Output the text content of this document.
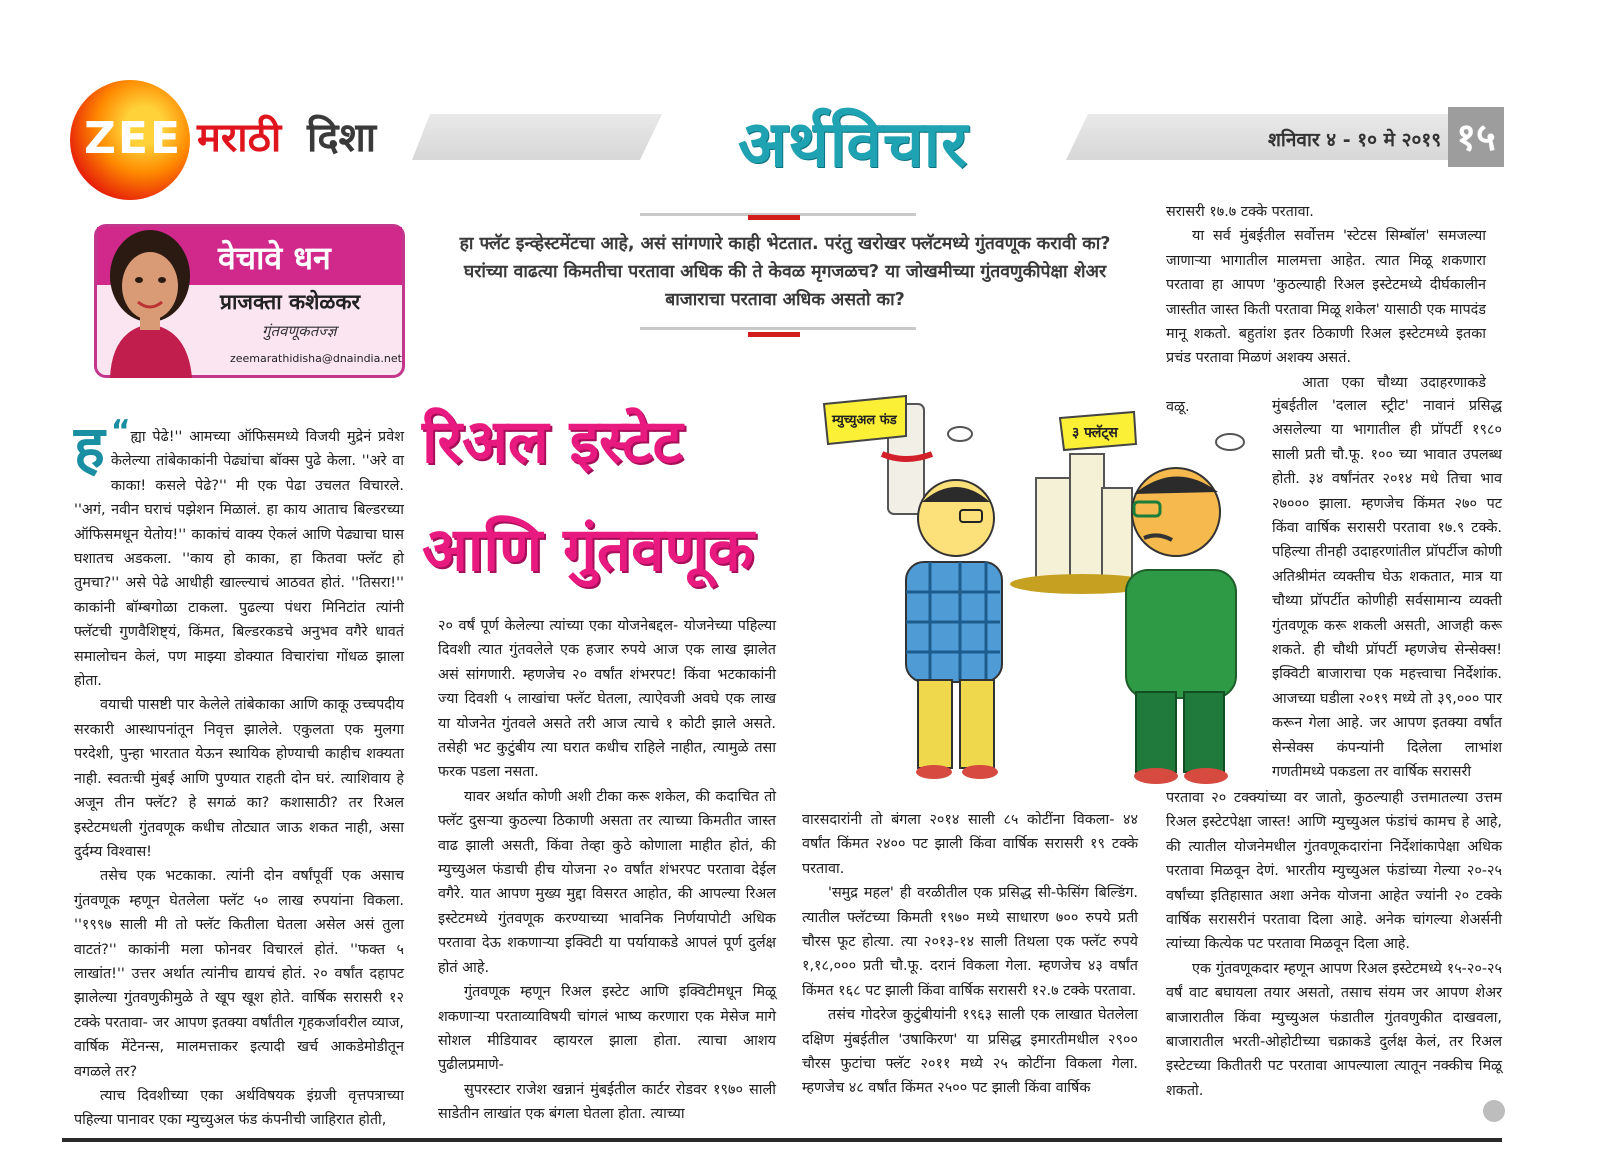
ZEE मराठी दिशा	अर्थविचार	शनिवार ४ - १० मे २०१९ १५
वेचावे धन
प्राजक्ता कशेळकर
गुंतवणूकतज्ज्ञ
zeemarathidisha@dnaindia.net
हा फ्लॅट इन्व्हेस्टमेंटचा आहे, असं सांगणारे काही भेटतात. परंतु खरोखर फ्लॅटमध्ये गुंतवणूक करावी का? घरांच्या वाढत्या किमतीचा परतावा अधिक की ते केवळ मृगजळच? या जोखमीच्या गुंतवणुकीपेक्षा शेअर बाजाराचा परतावा अधिक असतो का?
रिअल इस्टेट
आणि गुंतवणूक
म्युच्युअल फंड
३ फ्लॅट्स

“
ह ह्या पेढे!'' आमच्या ऑफिसमध्ये विजयी मुद्रेनं प्रवेश केलेल्या तांबेकाकांनी पेढ्यांचा बॉक्स पुढे केला. ''अरे वा काका! कसले पेढे?'' मी एक पेढा उचलत विचारले. ''अगं, नवीन घराचं पझेशन मिळालं. हा काय आताच बिल्डरच्या ऑफिसमधून येतोय!'' काकांचं वाक्य ऐकलं आणि पेढ्याचा घास घशातच अडकला. ''काय हो काका, हा कितवा फ्लॅट हो तुमचा?'' असे पेढे आधीही खाल्ल्याचं आठवत होतं. ''तिसरा!'' काकांनी बॉम्बगोळा टाकला. पुढल्या पंधरा मिनिटांत त्यांनी फ्लॅटची गुणवैशिष्ट्यं, किंमत, बिल्डरकडचे अनुभव वगैरे धावतं समालोचन केलं, पण माझ्या डोक्यात विचारांचा गोंधळ झाला होता.

वयाची पासष्टी पार केलेले तांबेकाका आणि काकू उच्चपदीय सरकारी आस्थापनांतून निवृत्त झालेले. एकुलता एक मुलगा परदेशी, पुन्हा भारतात येऊन स्थायिक होण्याची काहीच शक्यता नाही. स्वतःची मुंबई आणि पुण्यात राहती दोन घरं. त्याशिवाय हे अजून तीन फ्लॅट? हे सगळं का? कशासाठी? तर रिअल इस्टेटमधली गुंतवणूक कधीच तोट्यात जाऊ शकत नाही, असा दुर्दम्य विश्वास!

तसेच एक भटकाका. त्यांनी दोन वर्षांपूर्वी एक असाच गुंतवणूक म्हणून घेतलेला फ्लॅट ५० लाख रुपयांना विकला. ''१९९७ साली मी तो फ्लॅट कितीला घेतला असेल असं तुला वाटतं?'' काकांनी मला फोनवर विचारलं होतं. ''फक्त ५ लाखांत!'' उत्तर अर्थात त्यांनीच द्यायचं होतं. २० वर्षांत दहापट झालेल्या गुंतवणुकीमुळे ते खूप खूश होते. वार्षिक सरासरी १२ टक्के परतावा- जर आपण इतक्या वर्षांतील गृहकर्जावरील व्याज, वार्षिक मेंटेनन्स, मालमत्ताकर इत्यादी खर्च आकडेमोडीतून वगळले तर?

त्याच दिवशीच्या एका अर्थविषयक इंग्रजी वृत्तपत्राच्या पहिल्या पानावर एका म्युच्युअल फंड कंपनीची जाहिरात होती,

२० वर्षं पूर्ण केलेल्या त्यांच्या एका योजनेबद्दल- योजनेच्या पहिल्या दिवशी त्यात गुंतवलेले एक हजार रुपये आज एक लाख झालेत असं सांगणारी. म्हणजेच २० वर्षांत शंभरपट! किंवा भटकाकांनी ज्या दिवशी ५ लाखांचा फ्लॅट घेतला, त्याऐवजी अवघे एक लाख या योजनेत गुंतवले असते तरी आज त्याचे १ कोटी झाले असते. तसेही भट कुटुंबीय त्या घरात कधीच राहिले नाहीत, त्यामुळे तसा फरक पडला नसता.

यावर अर्थात कोणी अशी टीका करू शकेल, की कदाचित तो फ्लॅट दुसऱ्या कुठल्या ठिकाणी असता तर त्याच्या किमतीत जास्त वाढ झाली असती, किंवा तेव्हा कुठे कोणाला माहीत होतं, की म्युच्युअल फंडाची हीच योजना २० वर्षांत शंभरपट परतावा देईल वगैरे. यात आपण मुख्य मुद्दा विसरत आहोत, की आपल्या रिअल इस्टेटमध्ये गुंतवणूक करण्याच्या भावनिक निर्णयापोटी अधिक परतावा देऊ शकणाऱ्या इक्विटी या पर्यायाकडे आपलं पूर्ण दुर्लक्ष होतं आहे.

गुंतवणूक म्हणून रिअल इस्टेट आणि इक्विटीमधून मिळू शकणाऱ्या परताव्याविषयी चांगलं भाष्य करणारा एक मेसेज मागे सोशल मीडियावर व्हायरल झाला होता. त्याचा आशय पुढीलप्रमाणे-

सुपरस्टार राजेश खन्नानं मुंबईतील कार्टर रोडवर १९७० साली साडेतीन लाखांत एक बंगला घेतला होता. त्याच्या

वारसदारांनी तो बंगला २०१४ साली ८५ कोटींना विकला- ४४ वर्षांत किंमत २४०० पट झाली किंवा वार्षिक सरासरी १९ टक्के परतावा.

'समुद्र महल' ही वरळीतील एक प्रसिद्ध सी-फेसिंग बिल्डिंग. त्यातील फ्लॅटच्या किमती १९७० मध्ये साधारण ७०० रुपये प्रती चौरस फूट होत्या. त्या २०१३-१४ साली तिथला एक फ्लॅट रुपये १,१८,००० प्रती चौ.फू. दरानं विकला गेला. म्हणजेच ४३ वर्षांत किंमत १६८ पट झाली किंवा वार्षिक सरासरी १२.७ टक्के परतावा.

तसंच गोदरेज कुटुंबीयांनी १९६३ साली एक लाखात घेतलेला दक्षिण मुंबईतील 'उषाकिरण' या प्रसिद्ध इमारतीमधील २९०० चौरस फुटांचा फ्लॅट २०११ मध्ये २५ कोटींना विकला गेला. म्हणजेच ४८ वर्षांत किंमत २५०० पट झाली किंवा वार्षिक

सरासरी १७.७ टक्के परतावा.

या सर्व मुंबईतील सर्वोत्तम 'स्टेटस सिम्बॉल' समजल्या जाणाऱ्या भागातील मालमत्ता आहेत. त्यात मिळू शकणारा परतावा हा आपण 'कुठल्याही रिअल इस्टेटमध्ये दीर्घकालीन जास्तीत जास्त किती परतावा मिळू शकेल' यासाठी एक मापदंड मानू शकतो. बहुतांश इतर ठिकाणी रिअल इस्टेटमध्ये इतका प्रचंड परतावा मिळणं अशक्य असतं.

आता एका चौथ्या उदाहरणाकडे वळू.	मुंबईतील 'दलाल स्ट्रीट' नावानं प्रसिद्ध असलेल्या या भागातील ही प्रॉपर्टी १९८० साली प्रती चौ.फू. १०० च्या भावात उपलब्ध होती. ३४ वर्षांनंतर २०१४ मधे तिचा भाव २७००० झाला. म्हणजेच किंमत २७० पट किंवा वार्षिक सरासरी परतावा १७.९ टक्के. पहिल्या तीनही उदाहरणांतील प्रॉपर्टीज कोणी अतिश्रीमंत व्यक्तीच घेऊ शकतात, मात्र या चौथ्या प्रॉपर्टीत कोणीही सर्वसामान्य व्यक्ती गुंतवणूक करू शकली असती, आजही करू शकते. ही चौथी प्रॉपर्टी म्हणजेच सेन्सेक्स! इक्विटी बाजाराचा एक महत्त्वाचा निर्देशांक. आजच्या घडीला २०१९ मध्ये तो ३९,००० पार करून गेला आहे. जर आपण इतक्या वर्षांत सेन्सेक्स कंपन्यांनी दिलेला लाभांश गणतीमध्ये पकडला तर वार्षिक सरासरी

परतावा २० टक्क्यांच्या वर जातो, कुठल्याही उत्तमातल्या उत्तम रिअल इस्टेटपेक्षा जास्त! आणि म्युच्युअल फंडांचं कामच हे आहे, की त्यातील योजनेमधील गुंतवणूकदारांना निर्देशांकापेक्षा अधिक परतावा मिळवून देणं. भारतीय म्युच्युअल फंडांच्या गेल्या २०-२५ वर्षांच्या इतिहासात अशा अनेक योजना आहेत ज्यांनी २० टक्के वार्षिक सरासरीनं परतावा दिला आहे. अनेक चांगल्या शेअर्सनी त्यांच्या कित्येक पट परतावा मिळवून दिला आहे.

एक गुंतवणूकदार म्हणून आपण रिअल इस्टेटमध्ये १५-२०-२५ वर्षं वाट बघायला तयार असतो, तसाच संयम जर आपण शेअर बाजारातील किंवा म्युच्युअल फंडातील गुंतवणुकीत दाखवला, बाजारातील भरती-ओहोटीच्या चक्राकडे दुर्लक्ष केलं, तर रिअल इस्टेटच्या कितीतरी पट परतावा आपल्याला त्यातून नक्कीच मिळू शकतो.
